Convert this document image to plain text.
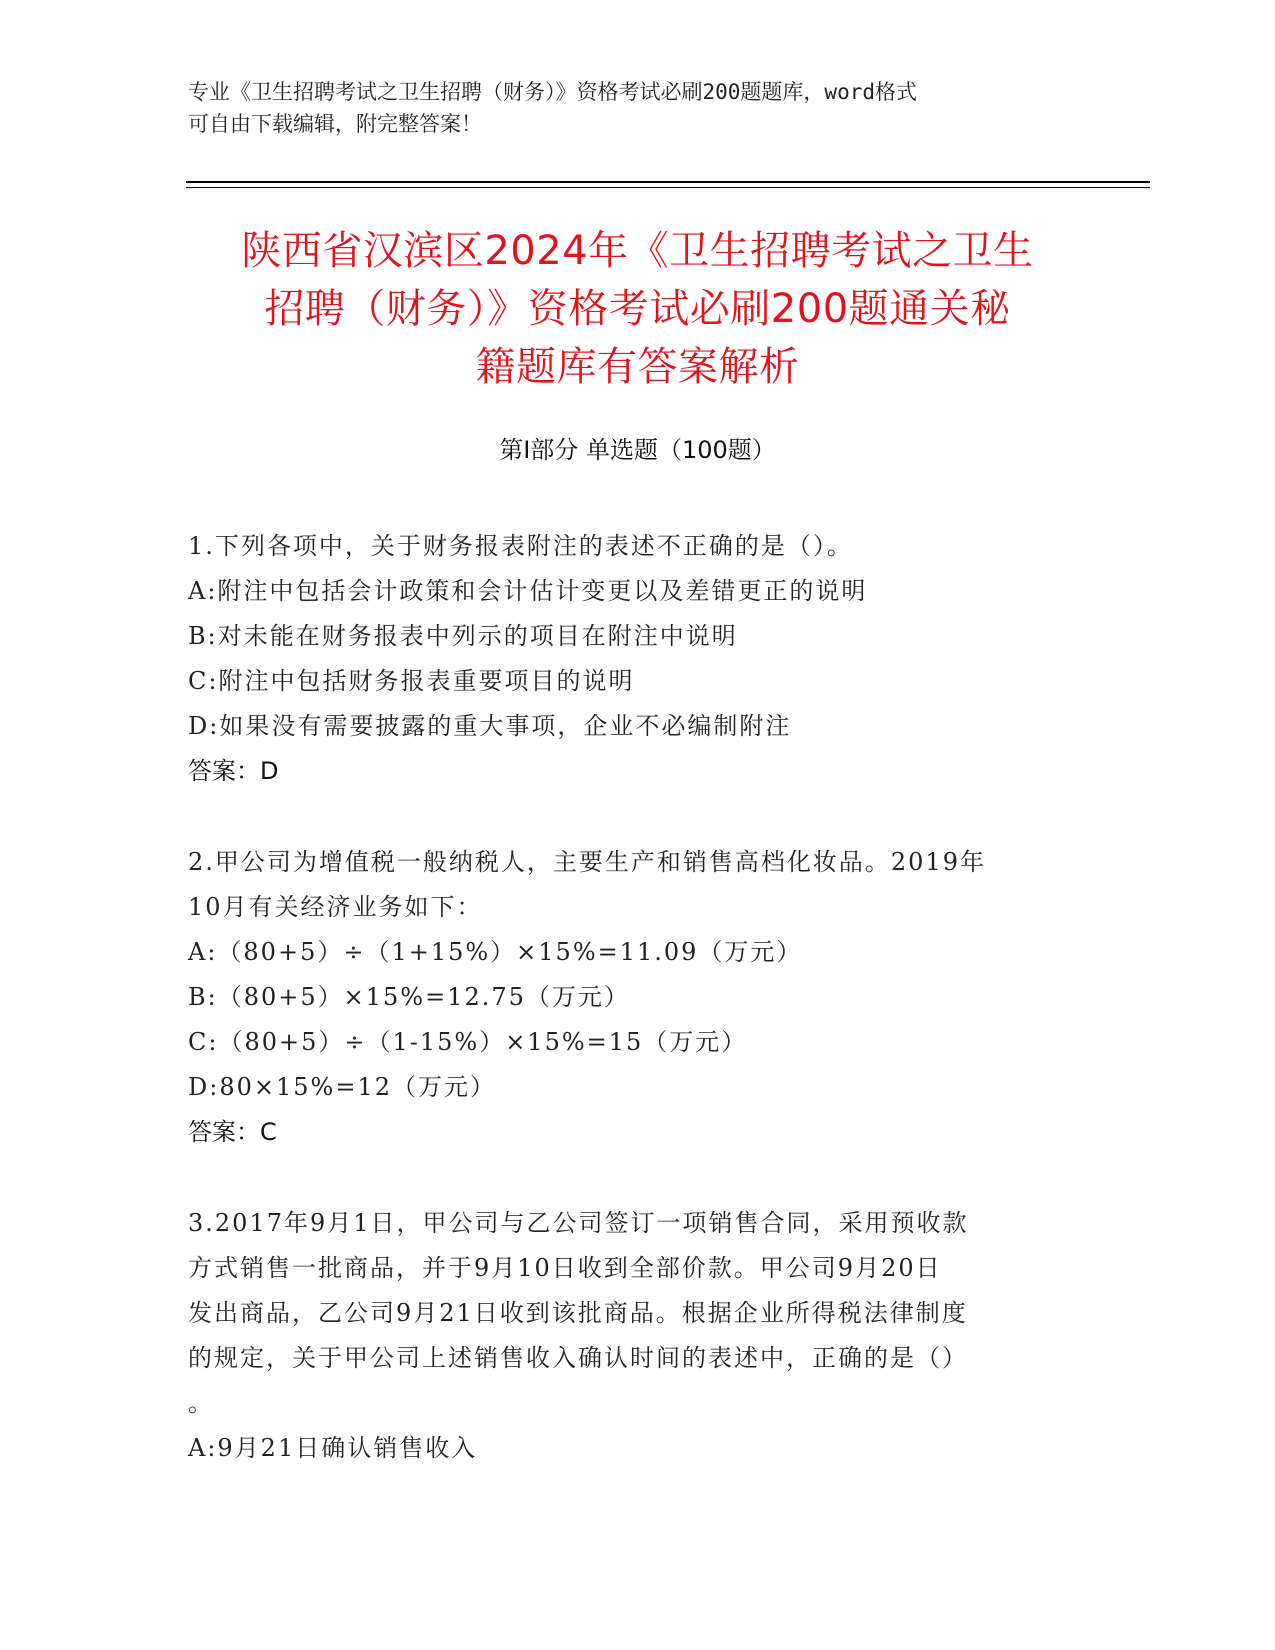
专业《卫生招聘考试之卫生招聘（财务）》资格考试必刷200题题库，word格式
可自由下载编辑，附完整答案！
陕西省汉滨区2024年《卫生招聘考试之卫生
招聘（财务）》资格考试必刷200题通关秘
籍题库有答案解析
第Ⅰ部分 单选题（100题）
1.下列各项中，关于财务报表附注的表述不正确的是（）。
A:附注中包括会计政策和会计估计变更以及差错更正的说明
B:对未能在财务报表中列示的项目在附注中说明
C:附注中包括财务报表重要项目的说明
D:如果没有需要披露的重大事项，企业不必编制附注
答案：D
2.甲公司为增值税一般纳税人，主要生产和销售高档化妆品。2019年
10月有关经济业务如下：
A:（80+5）÷（1+15%）×15%=11.09（万元）
B:（80+5）×15%=12.75（万元）
C:（80+5）÷（1-15%）×15%=15（万元）
D:80×15%=12（万元）
答案：C
3.2017年9月1日，甲公司与乙公司签订一项销售合同，采用预收款
方式销售一批商品，并于9月10日收到全部价款。甲公司9月20日
发出商品，乙公司9月21日收到该批商品。根据企业所得税法律制度
的规定，关于甲公司上述销售收入确认时间的表述中，正确的是（）
。
A:9月21日确认销售收入
